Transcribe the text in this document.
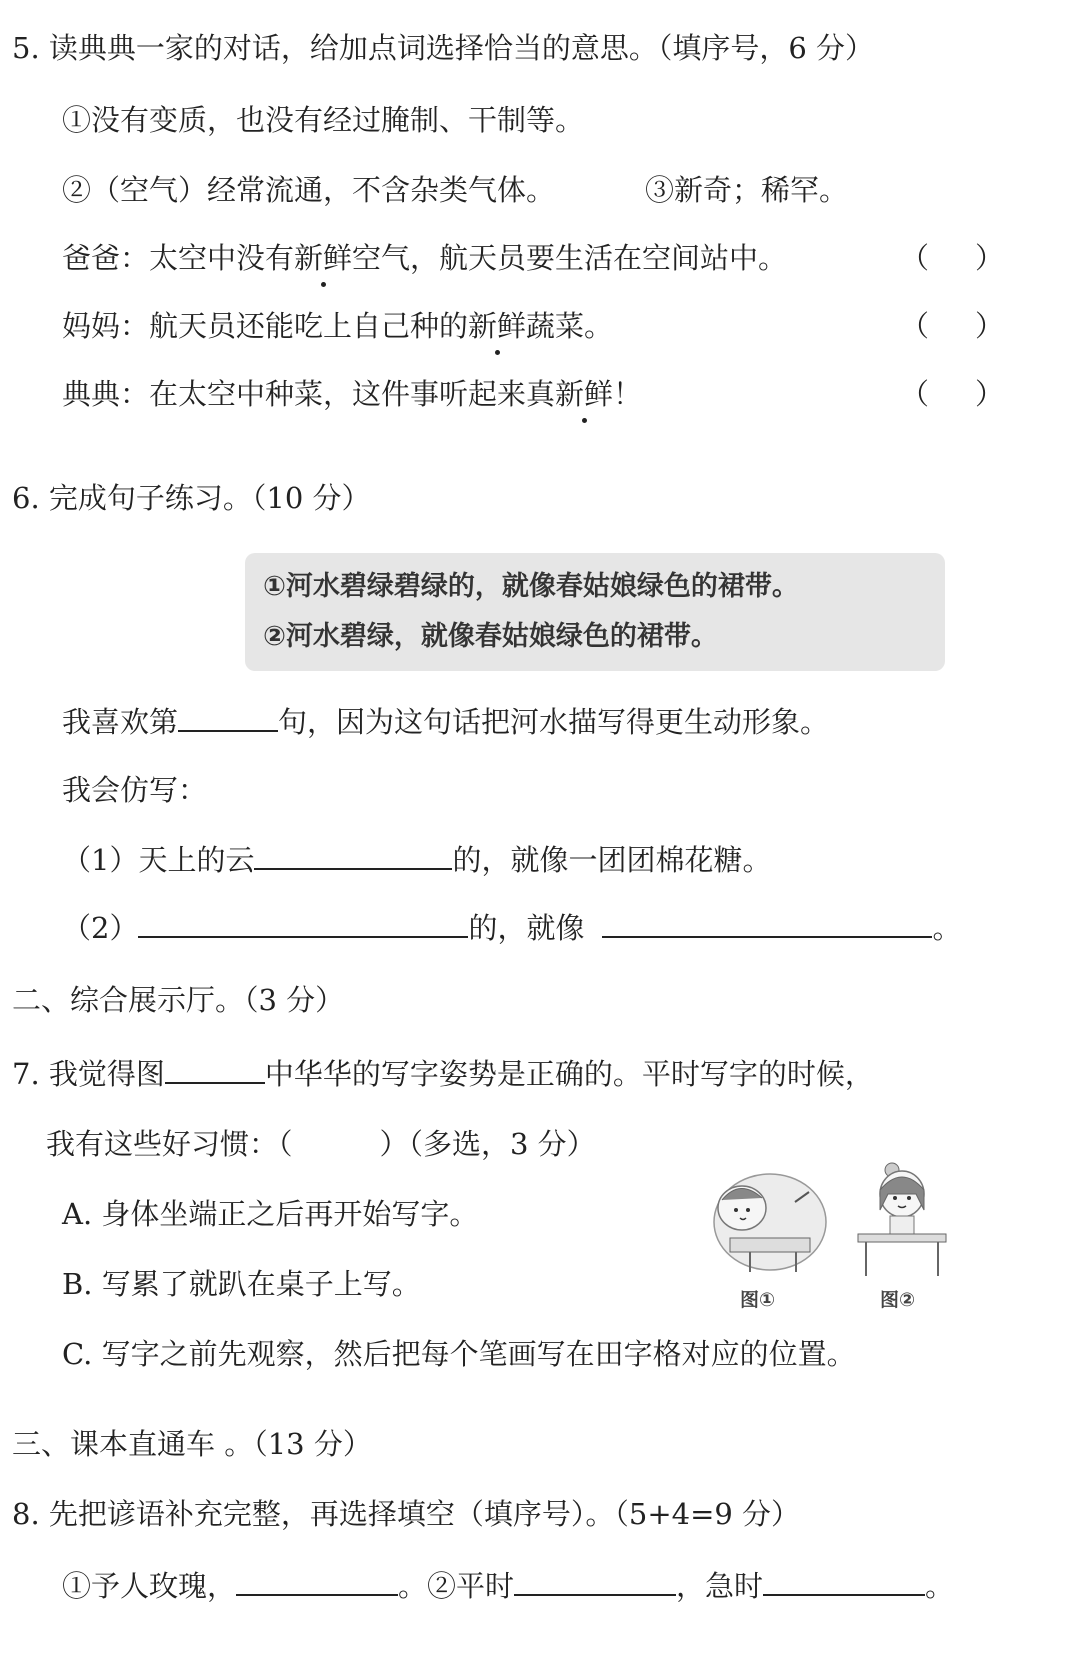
5. 读典典一家的对话，给加点词选择恰当的意思。（填序号，6 分）
①没有变质，也没有经过腌制、干制等。
②（空气）经常流通，不含杂类气体。	③新奇；稀罕。
爸爸：太空中没有新鲜空气，航天员要生活在空间站中。	（ ）
妈妈：航天员还能吃上自己种的新鲜蔬菜。	（ ）
典典：在太空中种菜，这件事听起来真新鲜！	（ ）
6. 完成句子练习。（10 分）
①河水碧绿碧绿的，就像春姑娘绿色的裙带。
②河水碧绿，就像春姑娘绿色的裙带。
我喜欢第	句，因为这句话把河水描写得更生动形象。
我会仿写：
（1）天上的云	的，就像一团团棉花糖。
（2）	的，就像	。
二、综合展示厅。（3 分）
7. 我觉得图	中华华的写字姿势是正确的。平时写字的时候，
我有这些好习惯：（　　　）（多选，3 分）
A. 身体坐端正之后再开始写字。
B. 写累了就趴在桌子上写。
C. 写字之前先观察，然后把每个笔画写在田字格对应的位置。
图①	图②
三、课本直通车 。（13 分）
8. 先把谚语补充完整，再选择填空（填序号）。（5+4=9 分）
①予人玫瑰，	。②平时	，急时	。
